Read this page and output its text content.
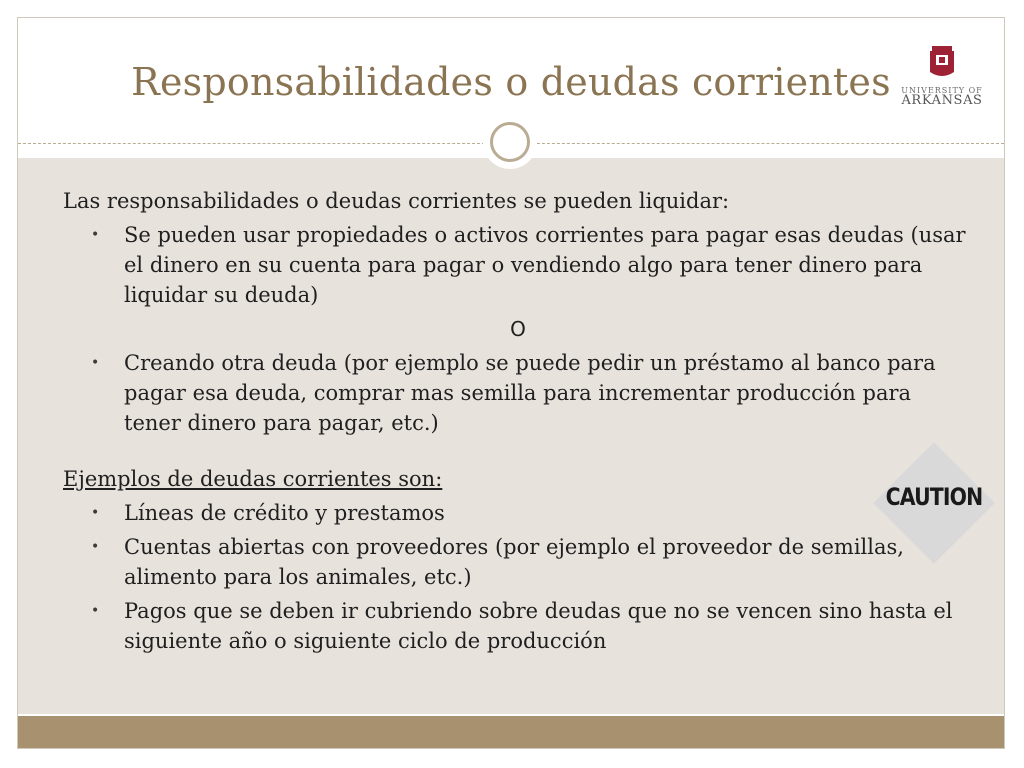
Responsabilidades o deudas corrientes	UNIVERSITY OF
ARKANSAS

Las responsabilidades o deudas corrientes se pueden liquidar:

• Se pueden usar propiedades o activos corrientes para pagar esas deudas (usar el dinero en su cuenta para pagar o vendiendo algo para tener dinero para liquidar su deuda)
O
• Creando otra deuda (por ejemplo se puede pedir un préstamo al banco para pagar esa deuda, comprar mas semilla para incrementar producción para tener dinero para pagar, etc.)

Ejemplos de deudas corrientes son:

• Líneas de crédito y prestamos
• Cuentas abiertas con proveedores (por ejemplo el proveedor de semillas, alimento para los animales, etc.)
• Pagos que se deben ir cubriendo sobre deudas que no se vencen sino hasta el siguiente año o siguiente ciclo de producción
CAUTION
